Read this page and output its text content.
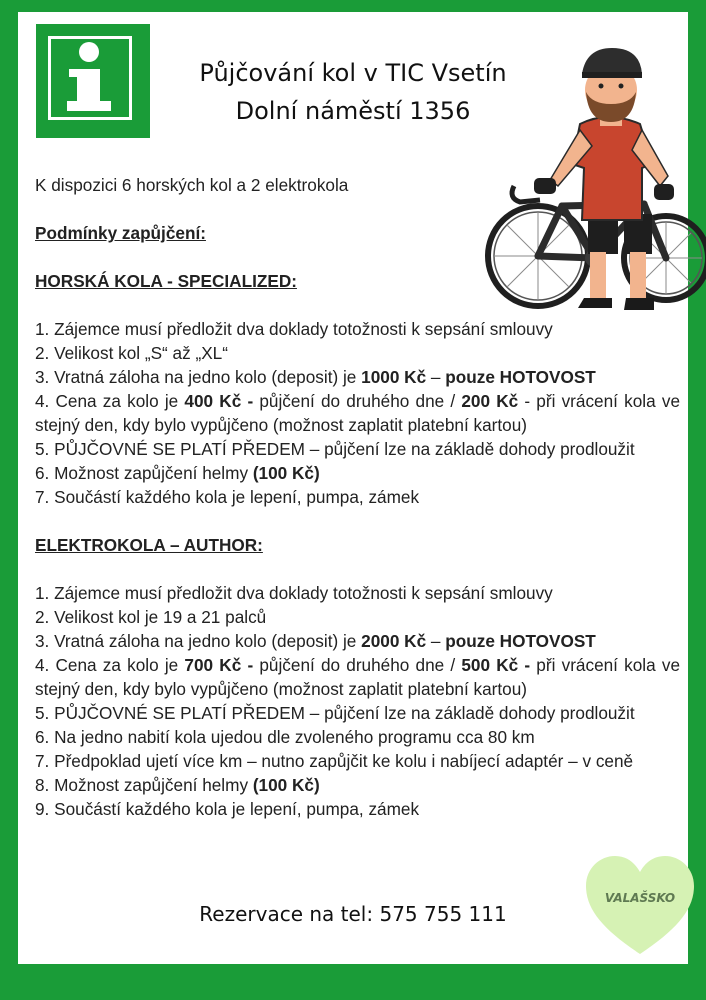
Půjčování kol v TIC Vsetín
Dolní náměstí 1356
VALAŠSKO
Rezervace na tel: 575 755 111

K dispozici 6 horských kol a 2 elektrokola

Podmínky zapůjčení:

HORSKÁ KOLA - SPECIALIZED:

1. Zájemce musí předložit dva doklady totožnosti k sepsání smlouvy

2. Velikost kol „S“ až „XL“

3. Vratná záloha na jedno kolo (deposit) je 1000 Kč – pouze HOTOVOST

4. Cena za kolo je 400 Kč - půjčení do druhého dne / 200 Kč - při vrácení kola ve stejný den, kdy bylo vypůjčeno (možnost zaplatit platební kartou)

5. PŮJČOVNÉ SE PLATÍ PŘEDEM – půjčení lze na základě dohody prodloužit

6. Možnost zapůjčení helmy (100 Kč)

7. Součástí každého kola je lepení, pumpa, zámek

ELEKTROKOLA – AUTHOR:

1. Zájemce musí předložit dva doklady totožnosti k sepsání smlouvy

2. Velikost kol je 19 a 21 palců

3. Vratná záloha na jedno kolo (deposit) je 2000 Kč – pouze HOTOVOST

4. Cena za kolo je 700 Kč - půjčení do druhého dne / 500 Kč - při vrácení kola ve stejný den, kdy bylo vypůjčeno (možnost zaplatit platební kartou)

5. PŮJČOVNÉ SE PLATÍ PŘEDEM – půjčení lze na základě dohody prodloužit

6. Na jedno nabití kola ujedou dle zvoleného programu cca 80 km

7. Předpoklad ujetí více km – nutno zapůjčit ke kolu i nabíjecí adaptér – v ceně

8. Možnost zapůjčení helmy (100 Kč)

9. Součástí každého kola je lepení, pumpa, zámek
